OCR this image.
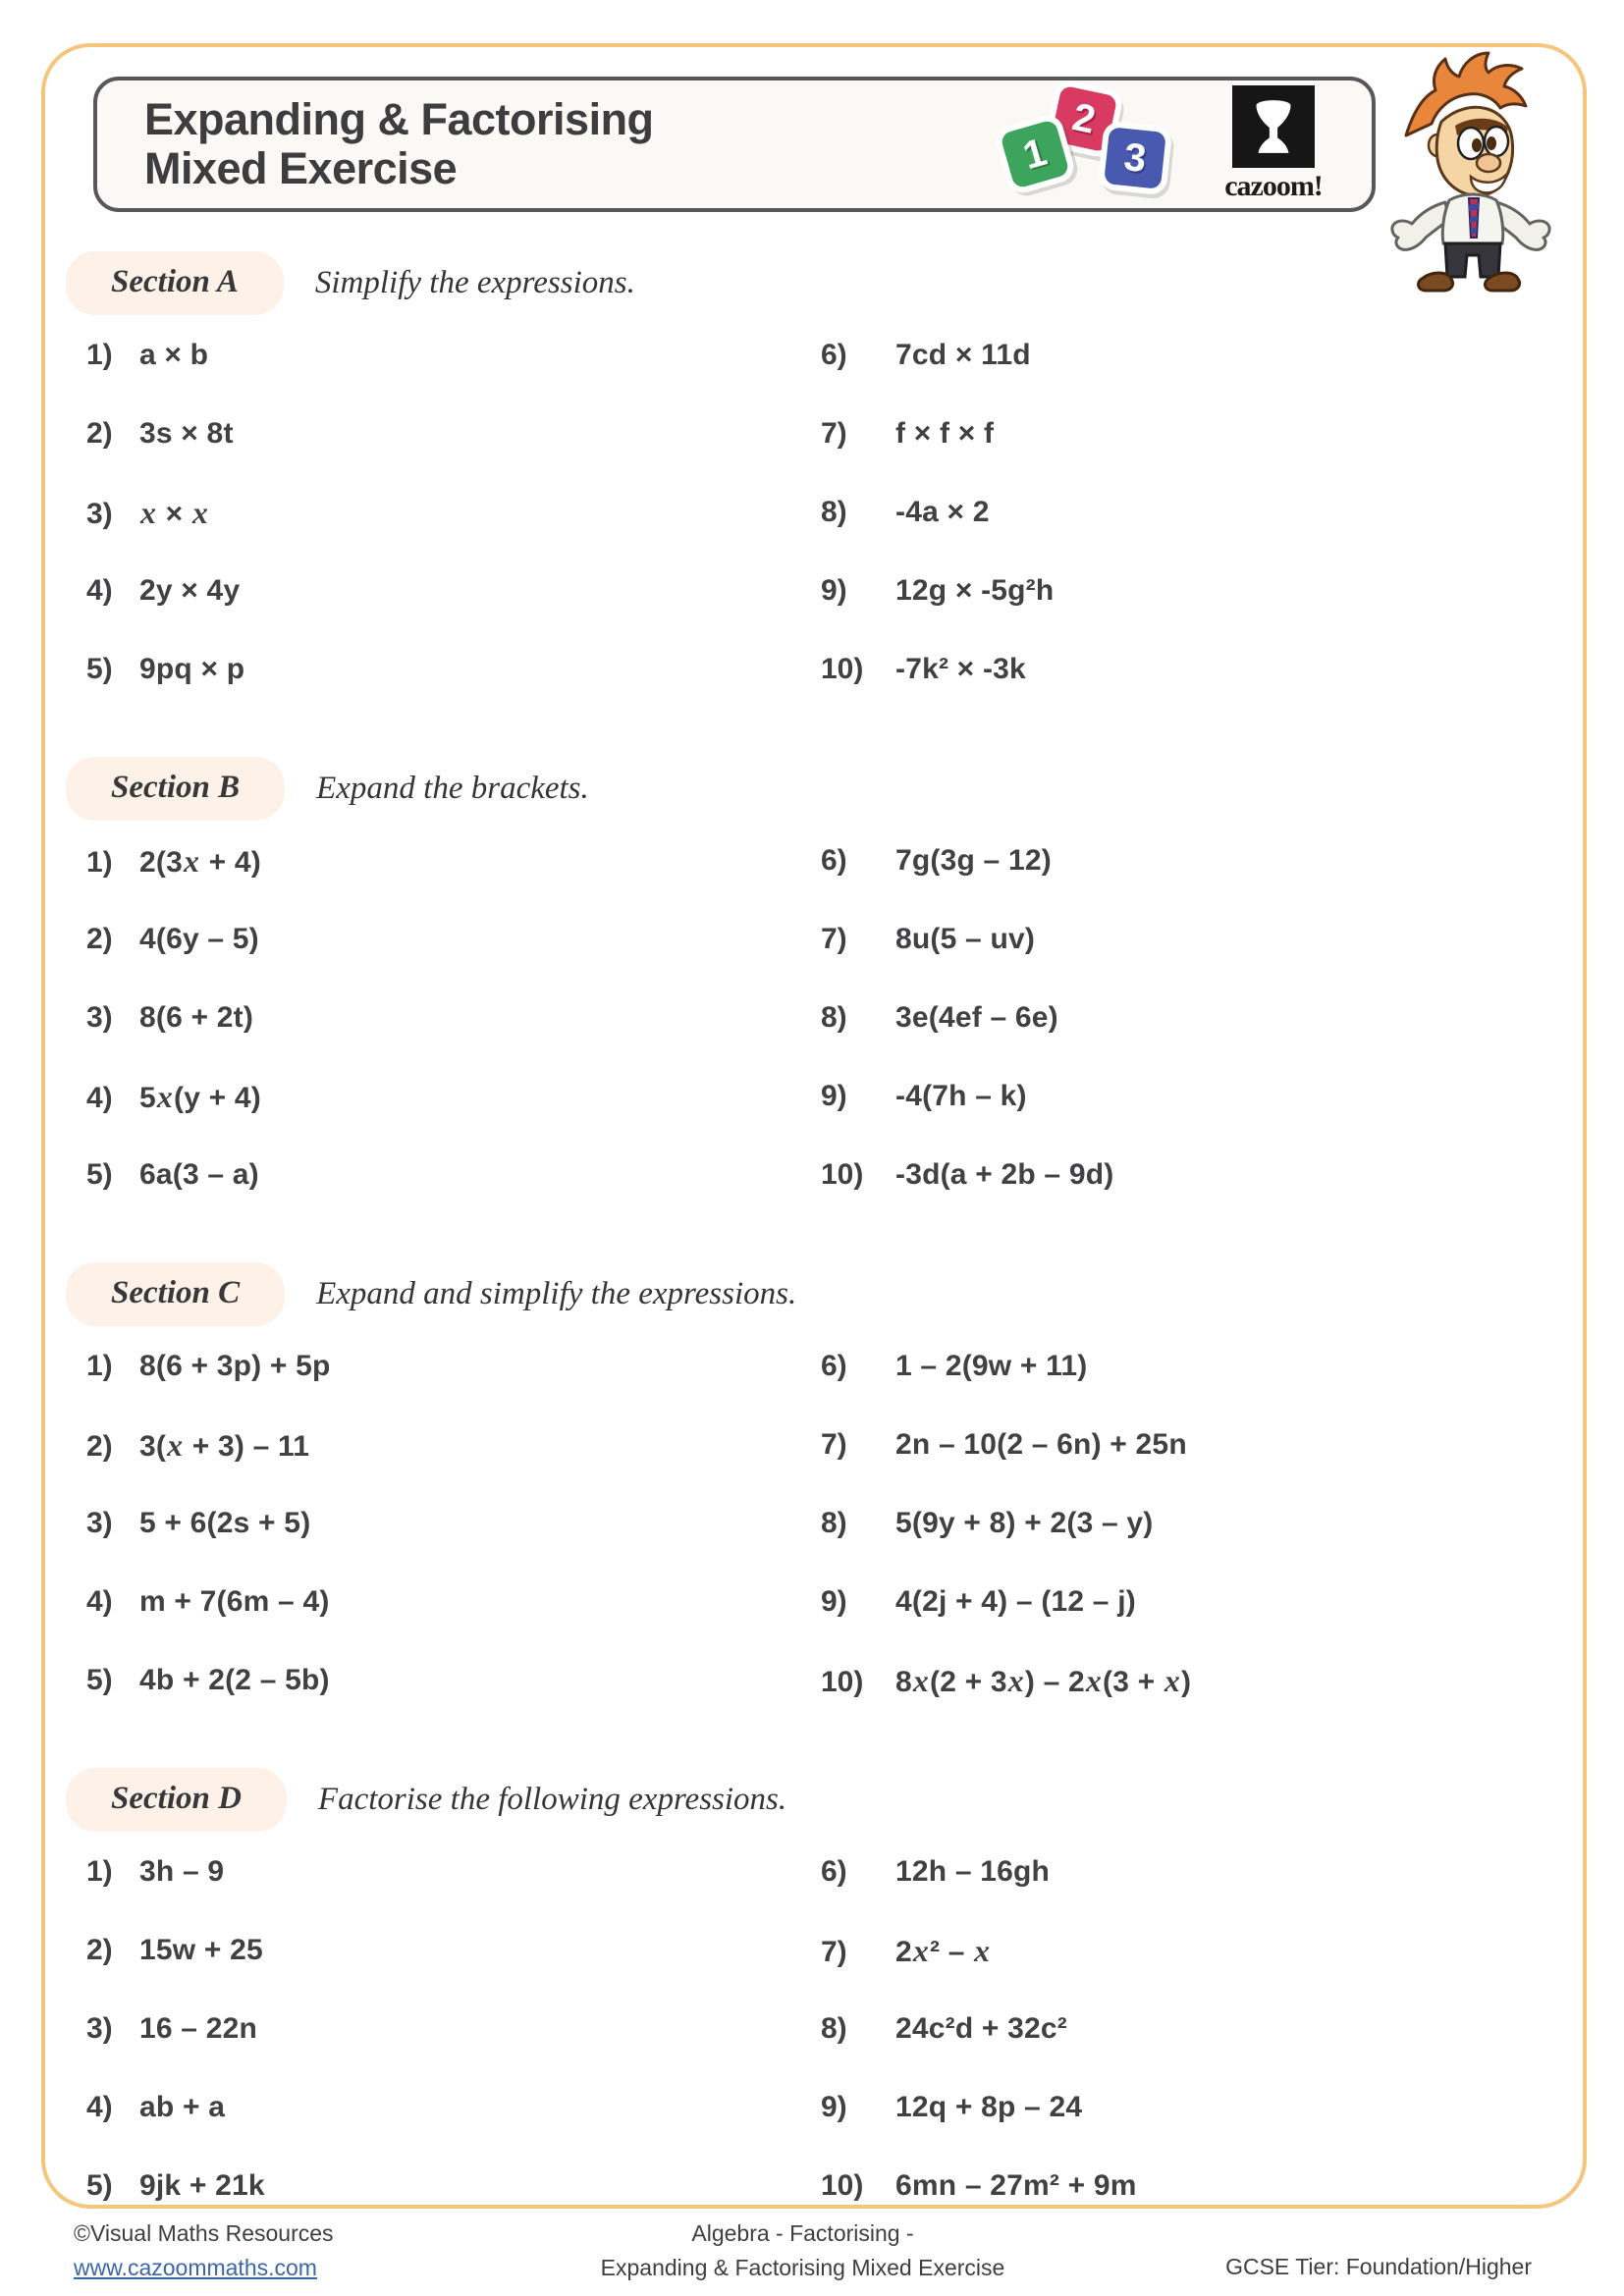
Expanding & Factorising
Mixed Exercise	1
2
3
cazoom!
Section A	Simplify the expressions.
1) a × b
2) 3s × 8t
3) x × x
4) 2y × 4y
5) 9pq × p
6)	7cd × 11d
7)	f × f × f
8)	-4a × 2
9)	12g × -5g²h
10)	-7k² × -3k
Section B	Expand the brackets.
1) 2(3x + 4)
2) 4(6y – 5)
3) 8(6 + 2t)
4) 5x(y + 4)
5) 6a(3 – a)
6)	7g(3g – 12)
7)	8u(5 – uv)
8)	3e(4ef – 6e)
9)	-4(7h – k)
10)	-3d(a + 2b – 9d)
Section C	Expand and simplify the expressions.
1) 8(6 + 3p) + 5p
2) 3(x + 3) – 11
3) 5 + 6(2s + 5)
4) m + 7(6m – 4)
5) 4b + 2(2 – 5b)
6)	1 – 2(9w + 11)
7)	2n – 10(2 – 6n) + 25n
8)	5(9y + 8) + 2(3 – y)
9)	4(2j + 4) – (12 – j)
10)	8x(2 + 3x) – 2x(3 + x)
Section D	Factorise the following expressions.
1) 3h – 9
2) 15w + 25
3) 16 – 22n
4) ab + a
5) 9jk + 21k
6)	12h – 16gh
7)	2x² – x
8)	24c²d + 32c²
9)	12q + 8p – 24
10)	6mn – 27m² + 9m
©Visual Maths Resources
www.cazoommaths.com
Algebra - Factorising -
Expanding & Factorising Mixed Exercise	GCSE Tier: Foundation/Higher
